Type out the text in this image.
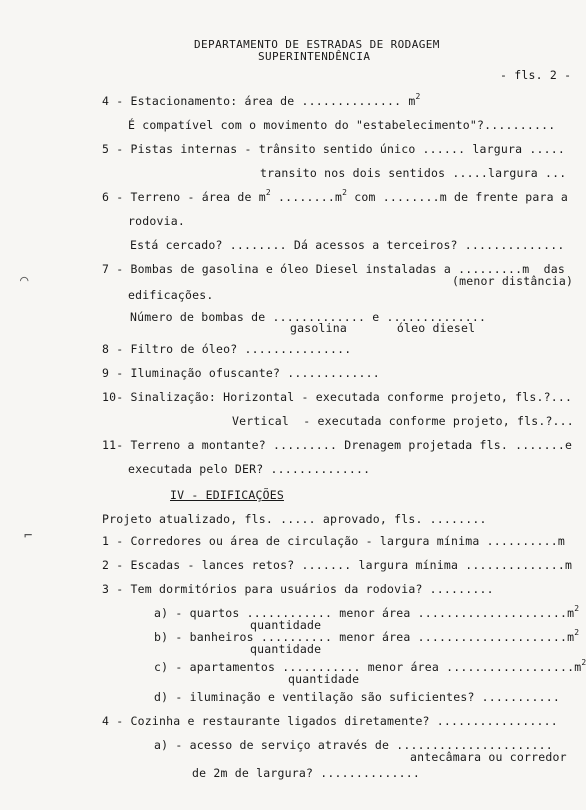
⌒
⌐
DEPARTAMENTO DE ESTRADAS DE RODAGEM
SUPERINTENDÊNCIA
- fls. 2 -
4 - Estacionamento: área de .............. $m^2$
É compatível com o movimento do "estabelecimento"?..........
5 - Pistas internas - trânsito sentido único ...... largura .....
transito nos dois sentidos .....largura ...
6 - Terreno - área de $m^2$ $........m^2$ com ........m de frente para a
rodovia.
Está cercado? ........ Dá acessos a terceiros? ..............
7 - Bombas de gasolina e óleo Diesel instaladas a .........m  das
(menor distância)
edificações.
Número de bombas de ............. e ..............
gasolina       óleo diesel
8 - Filtro de óleo? ...............
9 - Iluminação ofuscante? .............
10- Sinalização: Horizontal - executada conforme projeto, fls.?...
Vertical  - executada conforme projeto, fls.?...
11- Terreno a montante? ......... Drenagem projetada fls. .......e
executada pelo DER? ..............
IV - EDIFICAÇÕES
Projeto atualizado, fls. ..... aprovado, fls. ........
1 - Corredores ou área de circulação - largura mínima ..........m
2 - Escadas - lances retos? ....... largura mínima ..............m
3 - Tem dormitórios para usuários da rodovia? .........
a) - quartos ............ menor área $.....................m^2$
quantidade
b) - banheiros .......... menor área $.....................m^2$
quantidade
c) - apartamentos ........... menor área $..................m^2$
quantidade
d) - iluminação e ventilação são suficientes? ...........
4 - Cozinha e restaurante ligados diretamente? .................
a) - acesso de serviço através de ......................
antecâmara ou corredor
de 2m de largura? ..............
